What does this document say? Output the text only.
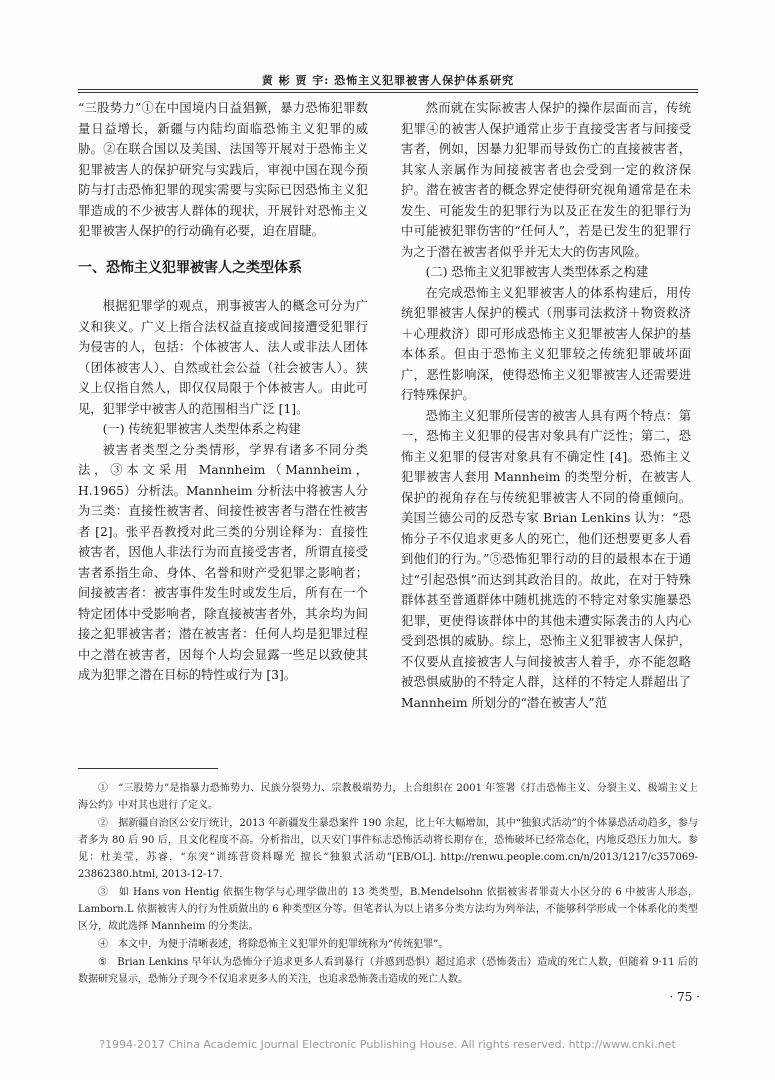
黄 彬 贾 宇: 恐怖主义犯罪被害人保护体系研究

“三股势力”①在中国境内日益猖獗，暴力恐怖犯罪数量日益增长，新疆与内陆均面临恐怖主义犯罪的威胁。②在联合国以及美国、法国等开展对于恐怖主义犯罪被害人的保护研究与实践后，审视中国在现今预防与打击恐怖犯罪的现实需要与实际已因恐怖主义犯罪造成的不少被害人群体的现状，开展针对恐怖主义犯罪被害人保护的行动确有必要，迫在眉睫。

一、恐怖主义犯罪被害人之类型体系

根据犯罪学的观点，刑事被害人的概念可分为广义和狭义。广义上指合法权益直接或间接遭受犯罪行为侵害的人，包括：个体被害人、法人或非法人团体（团体被害人）、自然或社会公益（社会被害人）。狭义上仅指自然人，即仅仅局限于个体被害人。由此可见，犯罪学中被害人的范围相当广泛 [1]。

(一) 传统犯罪被害人类型体系之构建

被害者类型之分类情形，学界有诸多不同分类法，③本文采用 Mannheim（Mannheim，H.1965）分析法。Mannheim 分析法中将被害人分为三类：直接性被害者、间接性被害者与潜在性被害者 [2]。张平吾教授对此三类的分别诠释为：直接性被害者，因他人非法行为而直接受害者，所谓直接受害者系指生命、身体、名誉和财产受犯罪之影响者；间接被害者：被害事件发生时或发生后，所有在一个特定团体中受影响者，除直接被害者外，其余均为间接之犯罪被害者；潜在被害者：任何人均是犯罪过程中之潜在被害者，因每个人均会显露一些足以致使其成为犯罪之潜在目标的特性或行为 [3]。

然而就在实际被害人保护的操作层面而言，传统犯罪④的被害人保护通常止步于直接受害者与间接受害者，例如，因暴力犯罪而导致伤亡的直接被害者，其家人亲属作为间接被害者也会受到一定的救济保护。潜在被害者的概念界定使得研究视角通常是在未发生、可能发生的犯罪行为以及正在发生的犯罪行为中可能被犯罪伤害的“任何人”，若是已发生的犯罪行为之于潜在被害者似乎并无太大的伤害风险。

(二) 恐怖主义犯罪被害人类型体系之构建

在完成恐怖主义犯罪被害人的体系构建后，用传统犯罪被害人保护的模式（刑事司法救济＋物资救济＋心理救济）即可形成恐怖主义犯罪被害人保护的基本体系。但由于恐怖主义犯罪较之传统犯罪破坏面广，恶性影响深，使得恐怖主义犯罪被害人还需要进行特殊保护。

恐怖主义犯罪所侵害的被害人具有两个特点：第一，恐怖主义犯罪的侵害对象具有广泛性；第二，恐怖主义犯罪的侵害对象具有不确定性 [4]。恐怖主义犯罪被害人套用 Mannheim 的类型分析，在被害人保护的视角存在与传统犯罪被害人不同的倚重倾向。美国兰德公司的反恐专家 Brian Lenkins 认为：“恐怖分子不仅追求更多人的死亡，他们还想要更多人看到他们的行为。”⑤恐怖犯罪行动的目的最根本在于通过“引起恐惧”而达到其政治目的。故此，在对于特殊群体甚至普通群体中随机挑选的不特定对象实施暴恐犯罪，更使得该群体中的其他未遭实际袭击的人内心受到恐惧的威胁。综上，恐怖主义犯罪被害人保护，不仅要从直接被害人与间接被害人着手，亦不能忽略被恐惧威胁的不特定人群，这样的不特定人群超出了 Mannheim 所划分的“潜在被害人”范

①　“三股势力”是指暴力恐怖势力、民族分裂势力、宗教极端势力，上合组织在 2001 年签署《打击恐怖主义、分裂主义、极端主义上海公约》中对其也进行了定义。

②　据新疆自治区公安厅统计，2013 年新疆发生暴恐案件 190 余起，比上年大幅增加，其中“独狼式活动”的个体暴恐活动趋多，参与者多为 80 后 90 后，且文化程度不高。分析指出，以天安门事件标志恐怖活动将长期存在，恐怖破坏已经常态化，内地反恐压力加大。参见：杜美莹，苏睿．“东突”训练营资料曝光 擅长“独狼式活动”[EB/OL]. http://renwu.people.com.cn/n/2013/1217/c357069-23862380.html, 2013-12-17.

③　如 Hans von Hentig 依据生物学与心理学做出的 13 类类型，B.Mendelsohn 依据被害者罪责大小区分的 6 中被害人形态，Lamborn.L 依据被害人的行为性质做出的 6 种类型区分等。但笔者认为以上诸多分类方法均为列举法，不能够科学形成一个体系化的类型区分，故此选择 Mannheim 的分类法。

④　本文中，为便于清晰表述，将除恐怖主义犯罪外的犯罪统称为“传统犯罪”。

⑤　Brian Lenkins 早年认为恐怖分子追求更多人看到暴行（并感到恐惧）超过追求（恐怖袭击）造成的死亡人数，但随着 9·11 后的数据研究显示，恐怖分子现今不仅追求更多人的关注，也追求恐怖袭击造成的死亡人数。

· 75 ·
?1994-2017 China Academic Journal Electronic Publishing House. All rights reserved. http://www.cnki.net
